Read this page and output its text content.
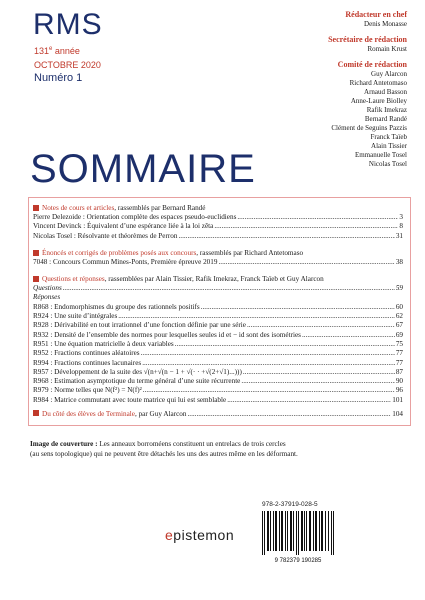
RMS
131e année
OCTOBRE 2020
Numéro 1
Rédacteur en chef
Denis Monasse
Secrétaire de rédaction
Romain Krust
Comité de rédaction
Guy Alarcon
Richard Antetomaso
Arnaud Basson
Anne-Laure Biolley
Rafik Imekraz
Bernard Randé
Clément de Seguins Pazzis
Franck Taïeb
Alain Tissier
Emmanuelle Tosel
Nicolas Tosel
SOMMAIRE
Notes de cours et articles , rassemblés par Bernard Randé
Pierre Delezoide : Orientation complète des espaces pseudo-euclidiens .....	3
Vincent Devinck : Équivalent d’une espérance liée à la loi zêta .....	8
Nicolas Tosel : Résolvante et théorèmes de Perron .....	31
Énoncés et corrigés de problèmes posés aux concours , rassemblés par Richard Antetomaso
7048 : Concours Commun Mines-Ponts, Première épreuve 2019 .....	38
Questions et réponses , rassemblées par Alain Tissier, Rafik Imekraz, Franck Taïeb et Guy Alarcon
Questions .....	59
Réponses
R868 : Endomorphismes du groupe des rationnels positifs .....	60
R924 : Une suite d’intégrales .....	62
R928 : Dérivabilité en tout irrationnel d’une fonction définie par une série .....	67
R932 : Densité de l’ensemble des normes pour lesquelles seules id et − id sont des isométries .....	69
R951 : Une équation matricielle à deux variables .....	75
R952 : Fractions continues aléatoires .....	77
R994 : Fractions continues lacunaires .....	77
R957 : Développement de la suite des √(n+√(n − 1 + √(· · +√(2+√1)...))) .....	87
R968 : Estimation asymptotique du terme général d’une suite récurrente .....	90
R979 : Norme telles que N(f²) = N(f)² .....	96
R984 : Matrice commutant avec toute matrice qui lui est semblable .....	101
Du côté des élèves de Terminale, par Guy Alarcon .....	104
Image de couverture : Les anneaux borroméens constituent un entrelacs de trois cercles
(au sens topologique) qui ne peuvent être détachés les uns des autres même en les déformant.
978-2-37919-028-5
9 782379 190285
epistemon
